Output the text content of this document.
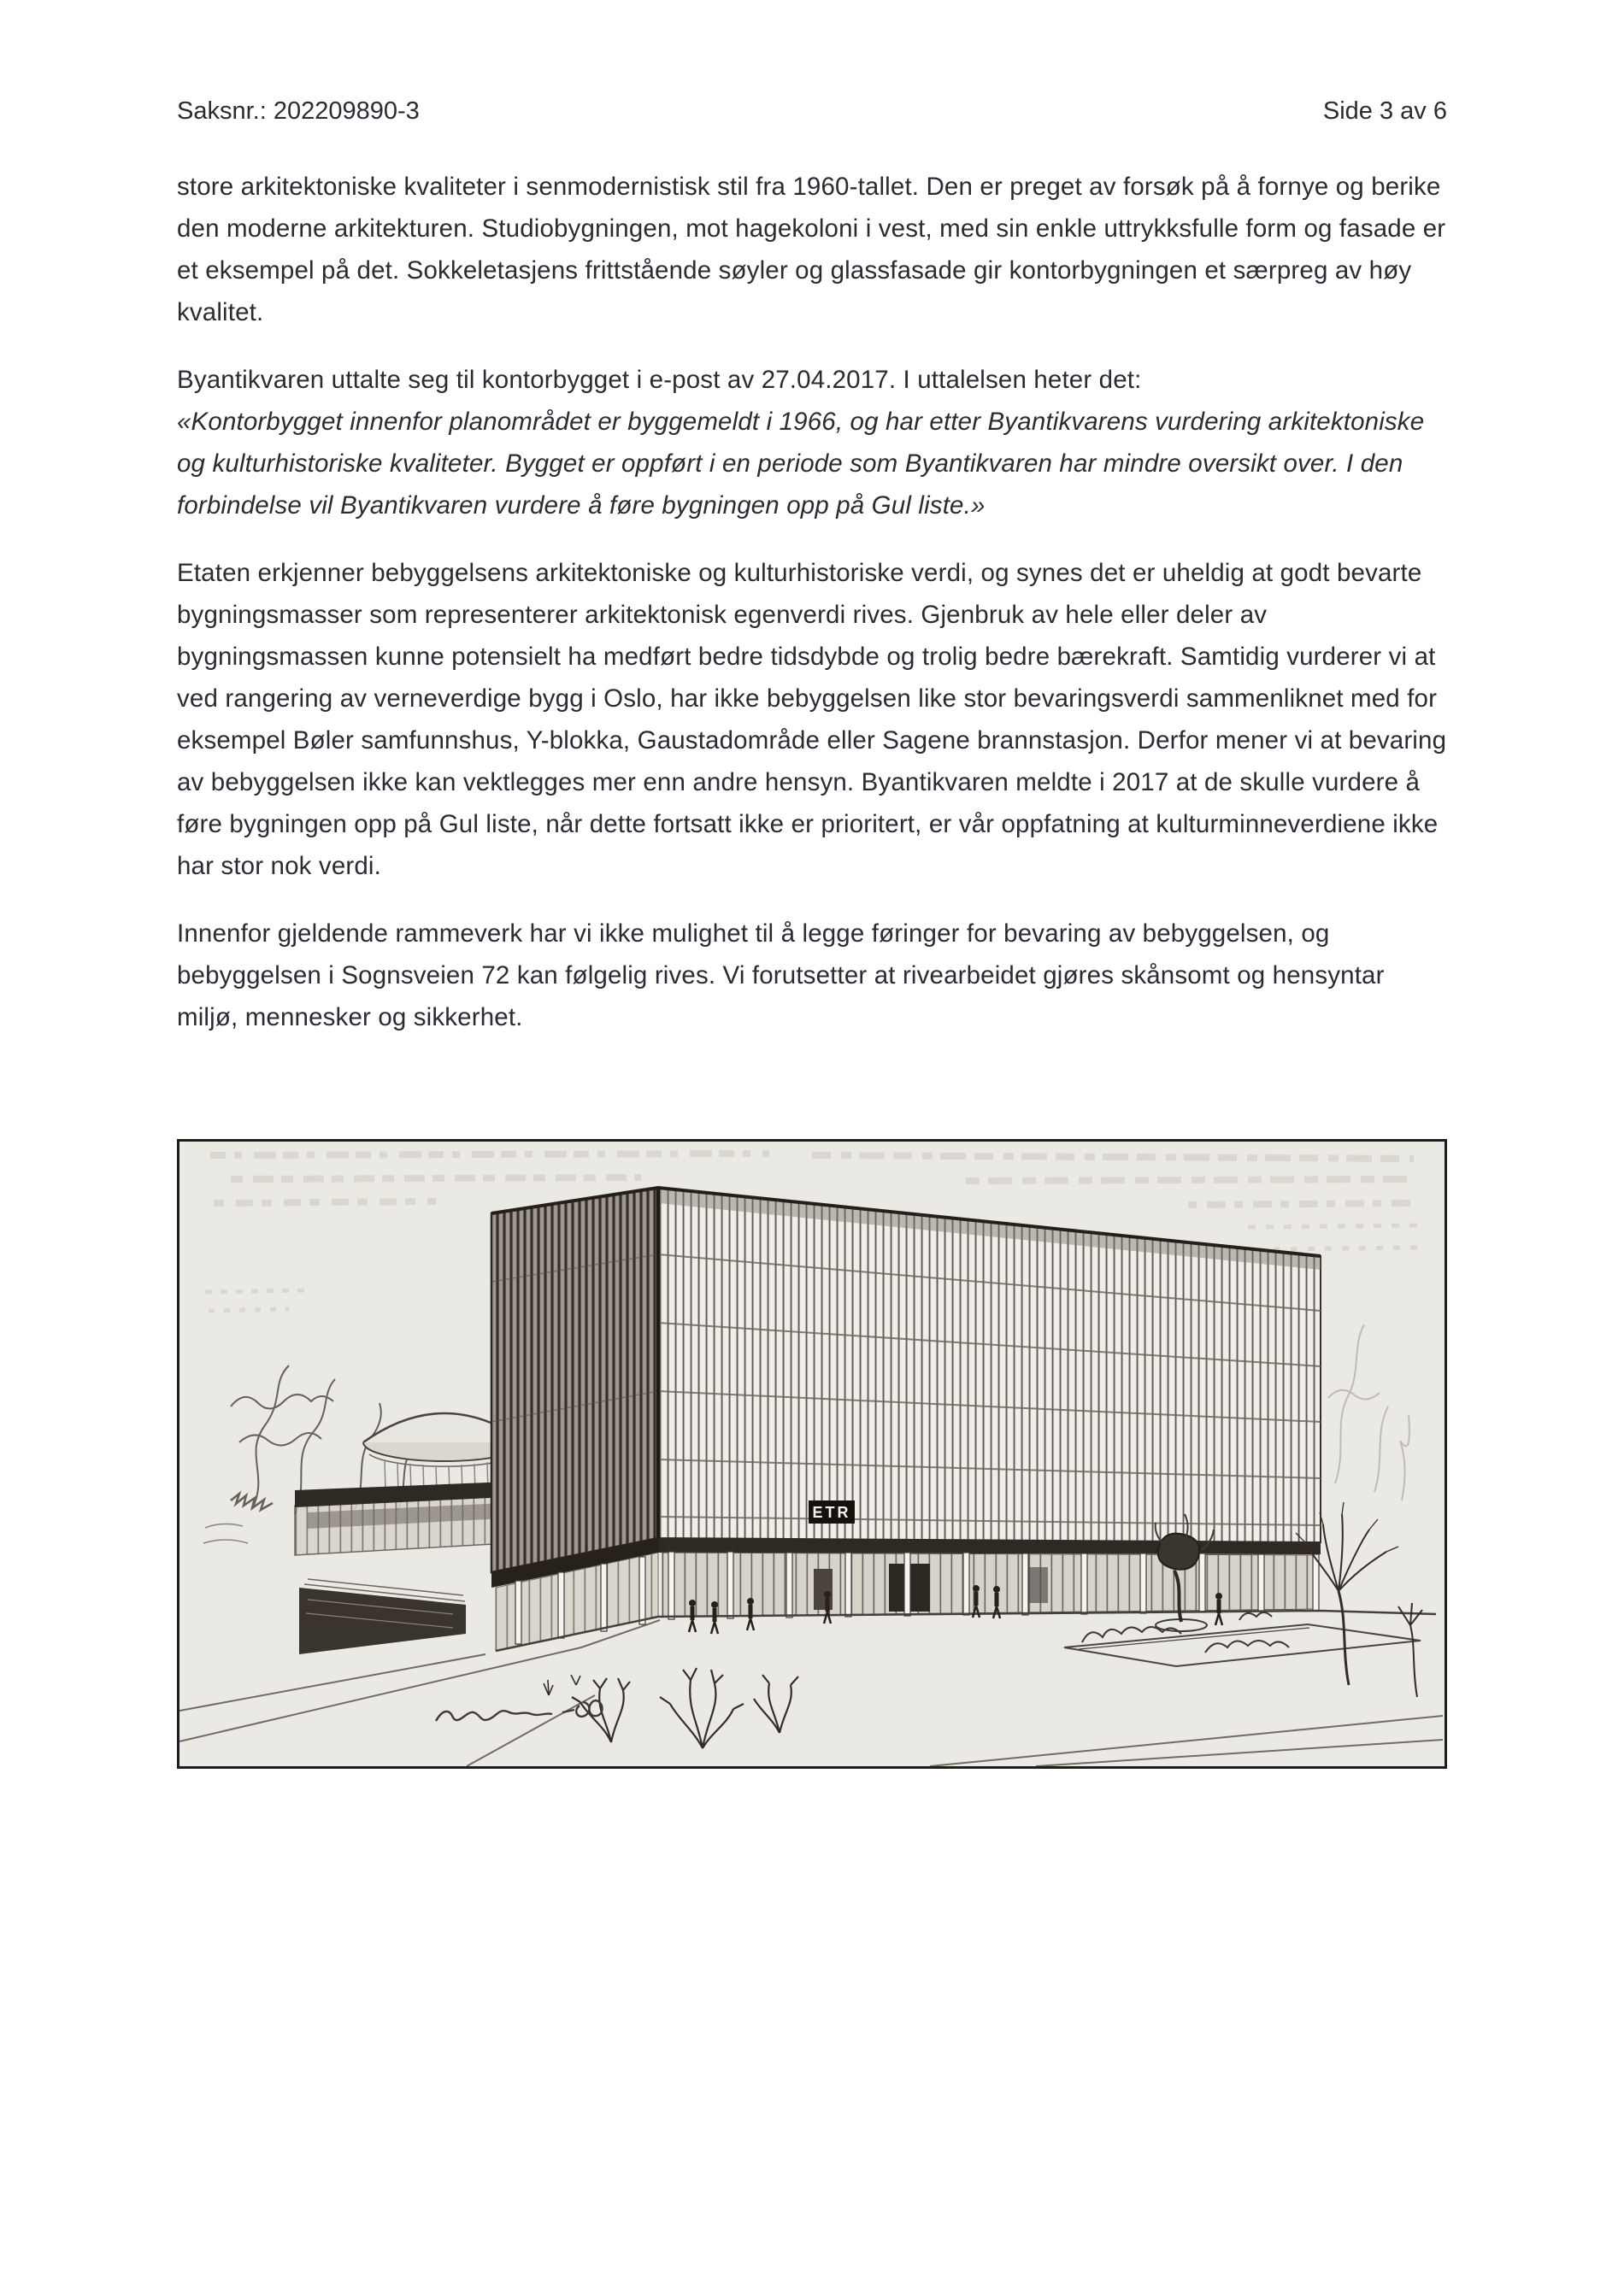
Saksnr.: 202209890-3	Side 3 av 6

store arkitektoniske kvaliteter i senmodernistisk stil fra 1960-tallet. Den er preget av forsøk på å fornye og berike den moderne arkitekturen. Studiobygningen, mot hagekoloni i vest, med sin enkle uttrykksfulle form og fasade er et eksempel på det. Sokkeletasjens frittstående søyler og glassfasade gir kontorbygningen et særpreg av høy kvalitet.

Byantikvaren uttalte seg til kontorbygget i e-post av 27.04.2017. I uttalelsen heter det:
«Kontorbygget innenfor planområdet er byggemeldt i 1966, og har etter Byantikvarens vurdering arkitektoniske og kulturhistoriske kvaliteter. Bygget er oppført i en periode som Byantikvaren har mindre oversikt over. I den forbindelse vil Byantikvaren vurdere å føre bygningen opp på Gul liste.»

Etaten erkjenner bebyggelsens arkitektoniske og kulturhistoriske verdi, og synes det er uheldig at godt bevarte bygningsmasser som representerer arkitektonisk egenverdi rives. Gjenbruk av hele eller deler av bygningsmassen kunne potensielt ha medført bedre tidsdybde og trolig bedre bærekraft. Samtidig vurderer vi at ved rangering av verneverdige bygg i Oslo, har ikke bebyggelsen like stor bevaringsverdi sammenliknet med for eksempel Bøler samfunnshus, Y-blokka, Gaustadområde eller Sagene brannstasjon. Derfor mener vi at bevaring av bebyggelsen ikke kan vektlegges mer enn andre hensyn. Byantikvaren meldte i 2017 at de skulle vurdere å føre bygningen opp på Gul liste, når dette fortsatt ikke er prioritert, er vår oppfatning at kulturminneverdiene ikke har stor nok verdi.

Innenfor gjeldende rammeverk har vi ikke mulighet til å legge føringer for bevaring av bebyggelsen, og bebyggelsen i Sognsveien 72 kan følgelig rives. Vi forutsetter at rivearbeidet gjøres skånsomt og hensyntar miljø, mennesker og sikkerhet.

ETR
